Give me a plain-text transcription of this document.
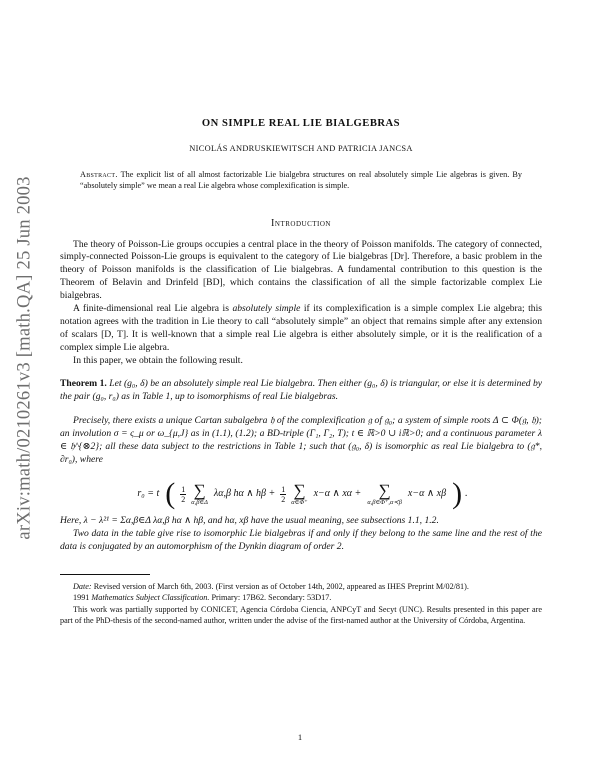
arXiv:math/0210261v3 [math.QA] 25 Jun 2003
ON SIMPLE REAL LIE BIALGEBRAS
NICOLÁS ANDRUSKIEWITSCH AND PATRICIA JANCSA
Abstract. The explicit list of all almost factorizable Lie bialgebra structures on real absolutely simple Lie algebras is given. By “absolutely simple” we mean a real Lie algebra whose complexification is simple.
Introduction

The theory of Poisson-Lie groups occupies a central place in the theory of Poisson manifolds. The category of connected, simply-connected Poisson-Lie groups is equivalent to the category of Lie bialgebras [Dr]. Therefore, a basic problem in the theory of Poisson manifolds is the classification of Lie bialgebras. A fundamental contribution to this question is the Theorem of Belavin and Drinfeld [BD], which contains the classification of all the simple factorizable complex Lie bialgebras.

A finite-dimensional real Lie algebra is absolutely simple if its complexification is a simple complex Lie algebra; this notation agrees with the tradition in Lie theory to call “absolutely simple” an object that remains simple after any extension of scalars [D, T]. It is well-known that a simple real Lie algebra is either absolutely simple, or it is the realification of a complex simple Lie algebra.

In this paper, we obtain the following result.

Theorem 1. Let (g₀, δ) be an absolutely simple real Lie bialgebra. Then either (g₀, δ) is triangular, or else it is determined by the pair (g₀, r₀) as in Table 1, up to isomorphisms of real Lie bialgebras.

Precisely, there exists a unique Cartan subalgebra 𝔥 of the complexification 𝔤 of 𝔤₀; a system of simple roots Δ ⊂ Φ(𝔤, 𝔥); an involution σ = ς_μ or ω_{μ,J} as in (1.1), (1.2); a BD-triple (Γ₁, Γ₂, T); t ∈ ℝ>0 ∪ iℝ>0; and a continuous parameter λ ∈ 𝔥^{⊗2}; all these data subject to the restrictions in Table 1; such that (𝔤₀, δ) is isomorphic as real Lie bialgebra to (𝔤*, ∂r₀), where

r₀ = t ( $\frac{1}{2}$ ∑
α,β∈Δ
λα,β hα ∧ $h\beta + \frac{1}{2}$ ∑
α∈Φ⁺
x−α ∧ xα + ∑
α,β∈Φ⁺,α≺β
x−α ∧ xβ ) .

Here, λ − λ²¹ = Σα,β∈Δ λα,β hα ∧ hβ, and hα, xβ have the usual meaning, see subsections 1.1, 1.2.

Two data in the table give rise to isomorphic Lie bialgebras if and only if they belong to the same line and the rest of the data is conjugated by an automorphism of the Dynkin diagram of order 2.

Date: Revised version of March 6th, 2003. (First version as of October 14th, 2002, appeared as IHES Preprint M/02/81).

1991 Mathematics Subject Classification. Primary: 17B62. Secondary: 53D17.

This work was partially supported by CONICET, Agencia Córdoba Ciencia, ANPCyT and Secyt (UNC). Results presented in this paper are part of the PhD-thesis of the second-named author, written under the advise of the first-named author at the University of Córdoba, Argentina.

1
